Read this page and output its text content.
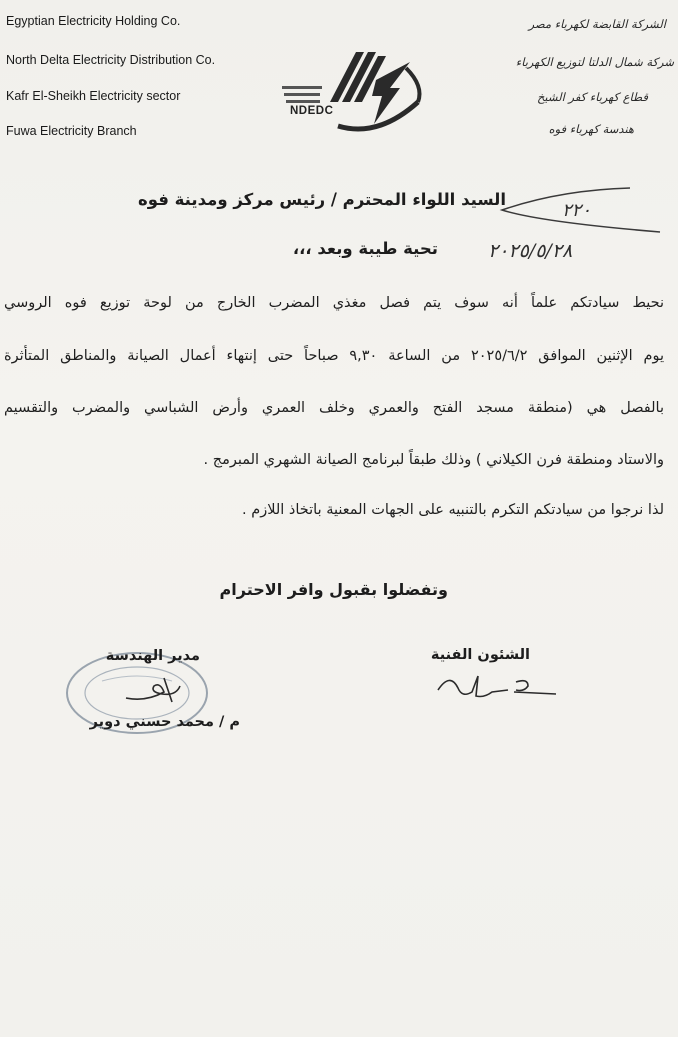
Egyptian Electricity Holding Co.
North Delta Electricity Distribution Co.
Kafr El-Sheikh Electricity sector
Fuwa Electricity Branch
الشركة القابضة لكهرباء مصر
شركة شمال الدلتا لتوزيع الكهرباء
قطاع كهرباء كفر الشيخ
هندسة كهرباء فوه
NDEDC
السيد اللواء المحترم / رئيس مركز ومدينة فوه
تحية طيبة وبعد ،،،
٢٢٠
٢٠٢٥/٥/٢٨
نحيط سيادتكم علماً أنه سوف يتم فصل مغذي المضرب الخارج من لوحة توزيع فوه الروسي
يوم الإثنين الموافق ٢٠٢٥/٦/٢ من الساعة ٩,٣٠ صباحاً حتى إنتهاء أعمال الصيانة والمناطق المتأثرة
بالفصل هي (منطقة مسجد الفتح والعمري وخلف العمري وأرض الشباسي والمضرب والتقسيم
والاستاد ومنطقة فرن الكيلاني ) وذلك طبقاً لبرنامج الصيانة الشهري المبرمج .
لذا نرجوا من سيادتكم التكرم بالتنبيه على الجهات المعنية باتخاذ اللازم .
وتفضلوا بقبول وافر الاحترام
الشئون الفنية
مدير الهندسة
م / محمد حسني دوير
